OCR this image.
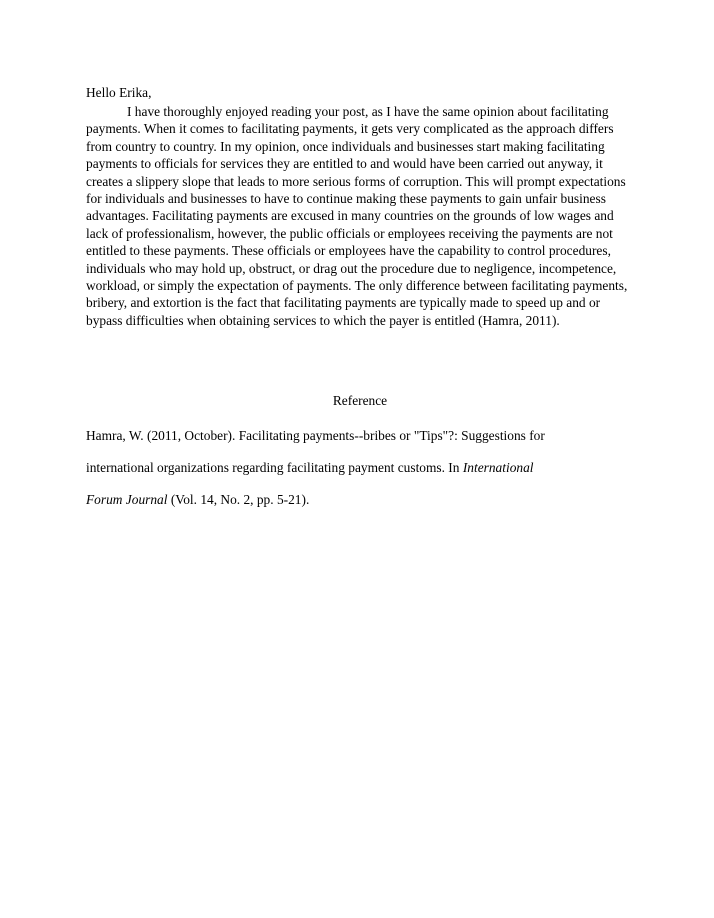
Hello Erika,

I have thoroughly enjoyed reading your post, as I have the same opinion about facilitating payments. When it comes to facilitating payments, it gets very complicated as the approach differs from country to country. In my opinion, once individuals and businesses start making facilitating payments to officials for services they are entitled to and would have been carried out anyway, it creates a slippery slope that leads to more serious forms of corruption. This will prompt expectations for individuals and businesses to have to continue making these payments to gain unfair business advantages. Facilitating payments are excused in many countries on the grounds of low wages and lack of professionalism, however, the public officials or employees receiving the payments are not entitled to these payments. These officials or employees have the capability to control procedures, individuals who may hold up, obstruct, or drag out the procedure due to negligence, incompetence, workload, or simply the expectation of payments. The only difference between facilitating payments, bribery, and extortion is the fact that facilitating payments are typically made to speed up and or bypass difficulties when obtaining services to which the payer is entitled (Hamra, 2011).

Reference

Hamra, W. (2011, October). Facilitating payments--bribes or "Tips"?: Suggestions for
international organizations regarding facilitating payment customs. In International
Forum Journal (Vol. 14, No. 2, pp. 5-21).
